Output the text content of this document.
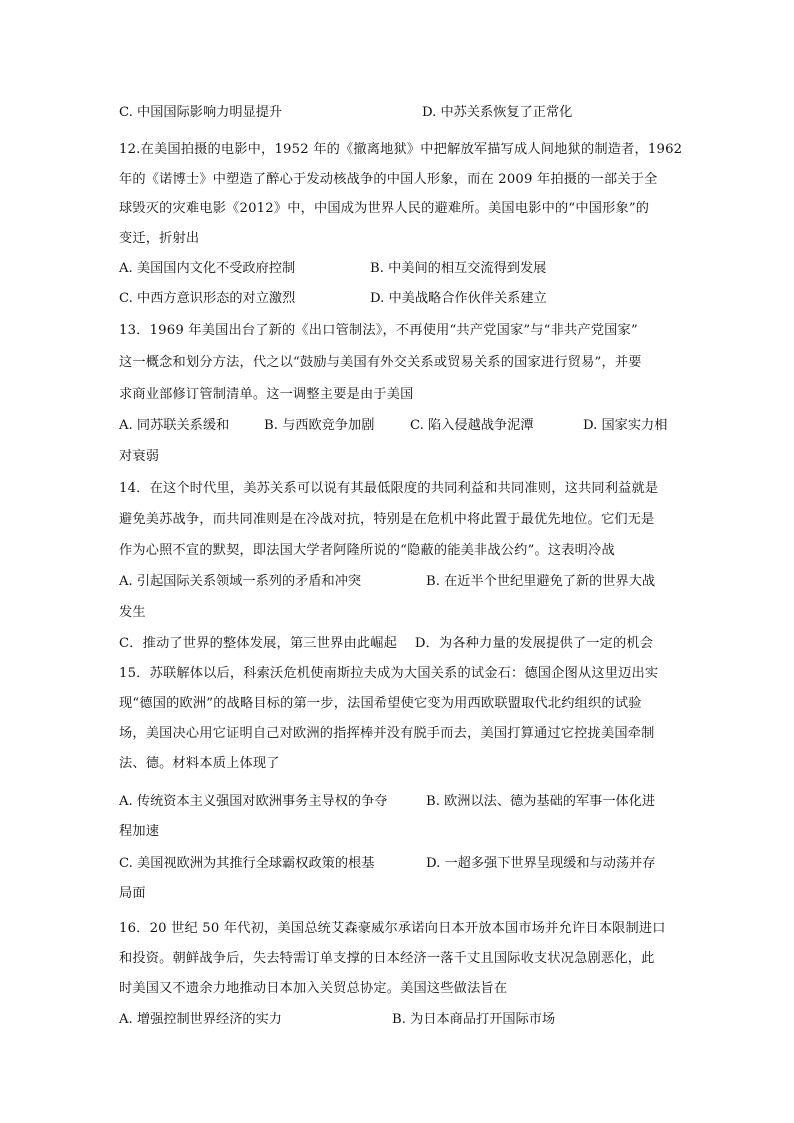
C. 中国国际影响力明显提升	D. 中苏关系恢复了正常化
12.在美国拍摄的电影中，1952 年的《撤离地狱》中把解放军描写成人间地狱的制造者，1962
年的《诺博士》中塑造了醉心于发动核战争的中国人形象，而在 2009 年拍摄的一部关于全
球毁灭的灾难电影《2012》中，中国成为世界人民的避难所。美国电影中的“中国形象”的
变迁，折射出
A. 美国国内文化不受政府控制	B. 中美间的相互交流得到发展
C. 中西方意识形态的对立激烈	D. 中美战略合作伙伴关系建立
13．1969 年美国出台了新的《出口管制法》，不再使用“共产党国家”与“非共产党国家”
这一概念和划分方法，代之以“鼓励与美国有外交关系或贸易关系的国家进行贸易”，并要
求商业部修订管制清单。这一调整主要是由于美国
A. 同苏联关系缓和	B. 与西欧竞争加剧	C. 陷入侵越战争泥潭	D. 国家实力相
对衰弱
14．在这个时代里，美苏关系可以说有其最低限度的共同利益和共同准则，这共同利益就是
避免美苏战争，而共同准则是在冷战对抗，特别是在危机中将此置于最优先地位。它们无是
作为心照不宣的默契，即法国大学者阿隆所说的“隐蔽的能美非战公约”。这表明冷战
A. 引起国际关系领域一系列的矛盾和冲突	B. 在近半个世纪里避免了新的世界大战
发生
C．推动了世界的整体发展，第三世界由此崛起　 D．为各种力量的发展提供了一定的机会
15．苏联解体以后，科索沃危机使南斯拉夫成为大国关系的试金石：德国企图从这里迈出实
现“德国的欧洲”的战略目标的第一步，法国希望使它变为用西欧联盟取代北约组织的试验
场，美国决心用它证明自己对欧洲的指挥棒并没有脱手而去，美国打算通过它控拢美国牵制
法、德。材料本质上体现了
A. 传统资本主义强国对欧洲事务主导权的争夺	B. 欧洲以法、德为基础的军事一体化进
程加速
C. 美国视欧洲为其推行全球霸权政策的根基	D. 一超多强下世界呈现缓和与动荡并存
局面
16．20 世纪 50 年代初，美国总统艾森豪威尔承诺向日本开放本国市场并允许日本限制进口
和投资。朝鲜战争后，失去特需订单支撑的日本经济一落千丈且国际收支状况急剧恶化，此
时美国又不遗余力地推动日本加入关贸总协定。美国这些做法旨在
A. 增强控制世界经济的实力	B. 为日本商品打开国际市场
